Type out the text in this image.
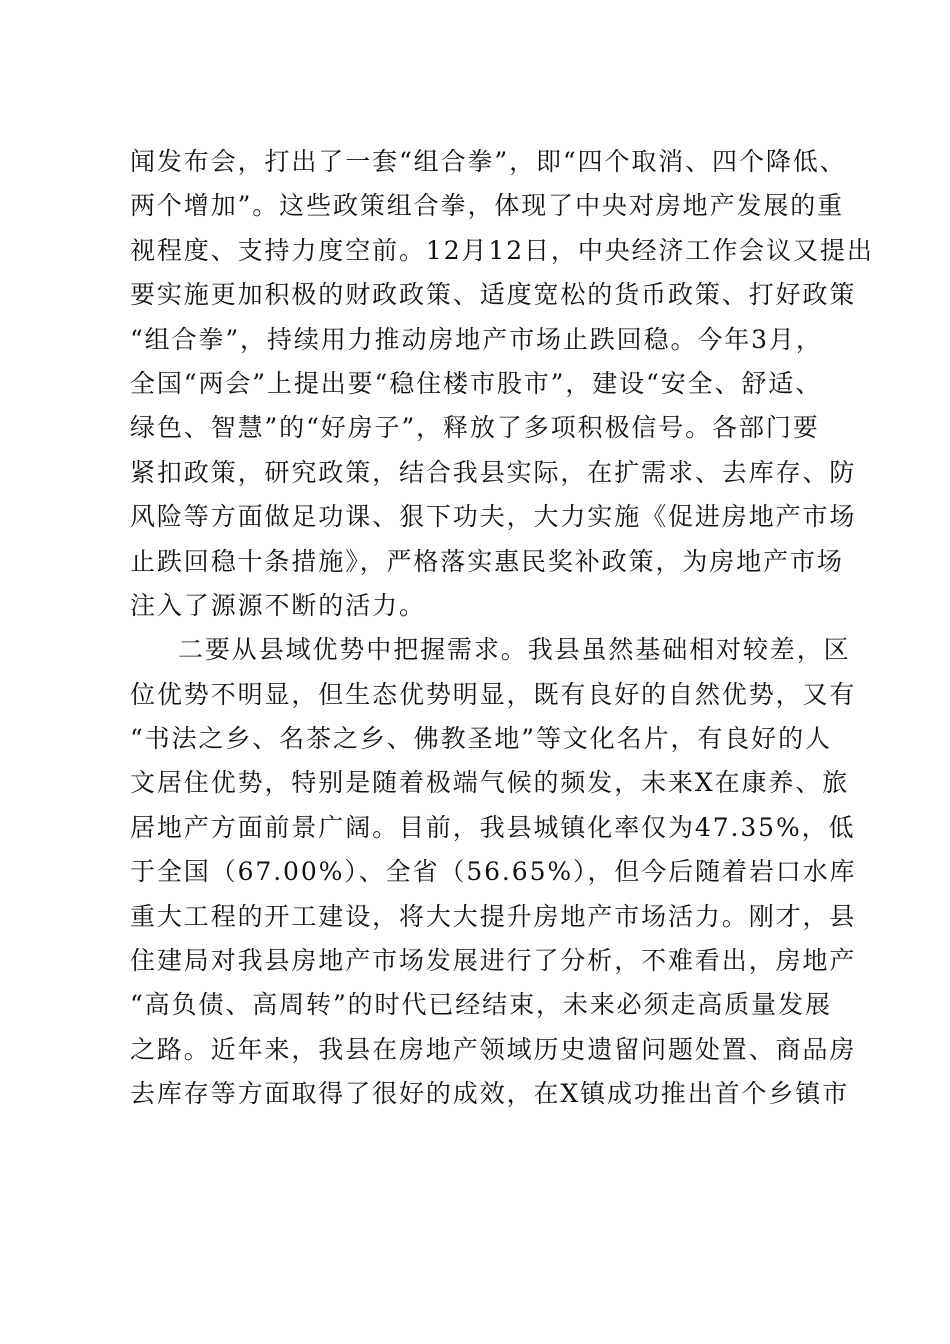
闻发布会，打出了一套“组合拳”，即“四个取消、四个降低、
两个增加”。这些政策组合拳，体现了中央对房地产发展的重
视程度、支持力度空前。12月12日，中央经济工作会议又提出
要实施更加积极的财政政策、适度宽松的货币政策、打好政策
“组合拳”，持续用力推动房地产市场止跌回稳。今年3月，
全国“两会”上提出要“稳住楼市股市”，建设“安全、舒适、
绿色、智慧”的“好房子”，释放了多项积极信号。各部门要
紧扣政策，研究政策，结合我县实际，在扩需求、去库存、防
风险等方面做足功课、狠下功夫，大力实施《促进房地产市场
止跌回稳十条措施》，严格落实惠民奖补政策，为房地产市场
注入了源源不断的活力。
二要从县域优势中把握需求。我县虽然基础相对较差，区
位优势不明显，但生态优势明显，既有良好的自然优势，又有
“书法之乡、名茶之乡、佛教圣地”等文化名片，有良好的人
文居住优势，特别是随着极端气候的频发，未来X在康养、旅
居地产方面前景广阔。目前，我县城镇化率仅为47.35%，低
于全国（67.00%）、全省（56.65%），但今后随着岩口水库
重大工程的开工建设，将大大提升房地产市场活力。刚才，县
住建局对我县房地产市场发展进行了分析，不难看出，房地产
“高负债、高周转”的时代已经结束，未来必须走高质量发展
之路。近年来，我县在房地产领域历史遗留问题处置、商品房
去库存等方面取得了很好的成效，在X镇成功推出首个乡镇市
